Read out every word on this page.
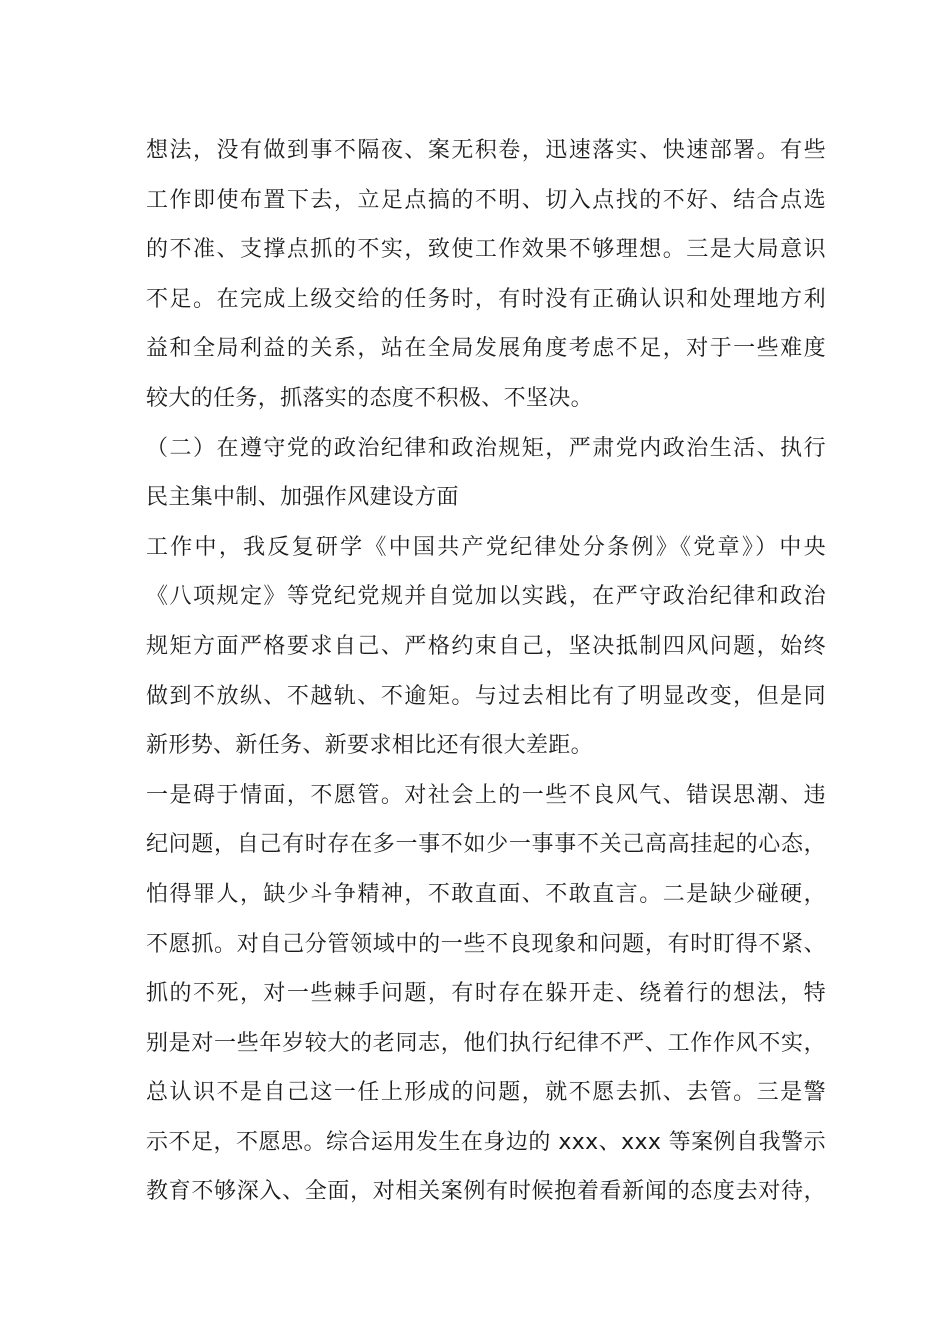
想法，没有做到事不隔夜、案无积卷，迅速落实、快速部署。有些
工作即使布置下去，立足点搞的不明、切入点找的不好、结合点选
的不准、支撑点抓的不实，致使工作效果不够理想。三是大局意识
不足。在完成上级交给的任务时，有时没有正确认识和处理地方利
益和全局利益的关系，站在全局发展角度考虑不足，对于一些难度
较大的任务，抓落实的态度不积极、不坚决。
（二）在遵守党的政治纪律和政治规矩，严肃党内政治生活、执行
民主集中制、加强作风建设方面
工作中，我反复研学《中国共产党纪律处分条例》《党章》）中央
《八项规定》等党纪党规并自觉加以实践，在严守政治纪律和政治
规矩方面严格要求自己、严格约束自己，坚决抵制四风问题，始终
做到不放纵、不越轨、不逾矩。与过去相比有了明显改变，但是同
新形势、新任务、新要求相比还有很大差距。
一是碍于情面，不愿管。对社会上的一些不良风气、错误思潮、违
纪问题，自己有时存在多一事不如少一事事不关己高高挂起的心态，
怕得罪人，缺少斗争精神，不敢直面、不敢直言。二是缺少碰硬，
不愿抓。对自己分管领域中的一些不良现象和问题，有时盯得不紧、
抓的不死，对一些棘手问题，有时存在躲开走、绕着行的想法，特
别是对一些年岁较大的老同志，他们执行纪律不严、工作作风不实，
总认识不是自己这一任上形成的问题，就不愿去抓、去管。三是警
示不足，不愿思。综合运用发生在身边的 xxx、xxx 等案例自我警示
教育不够深入、全面，对相关案例有时候抱着看新闻的态度去对待，
